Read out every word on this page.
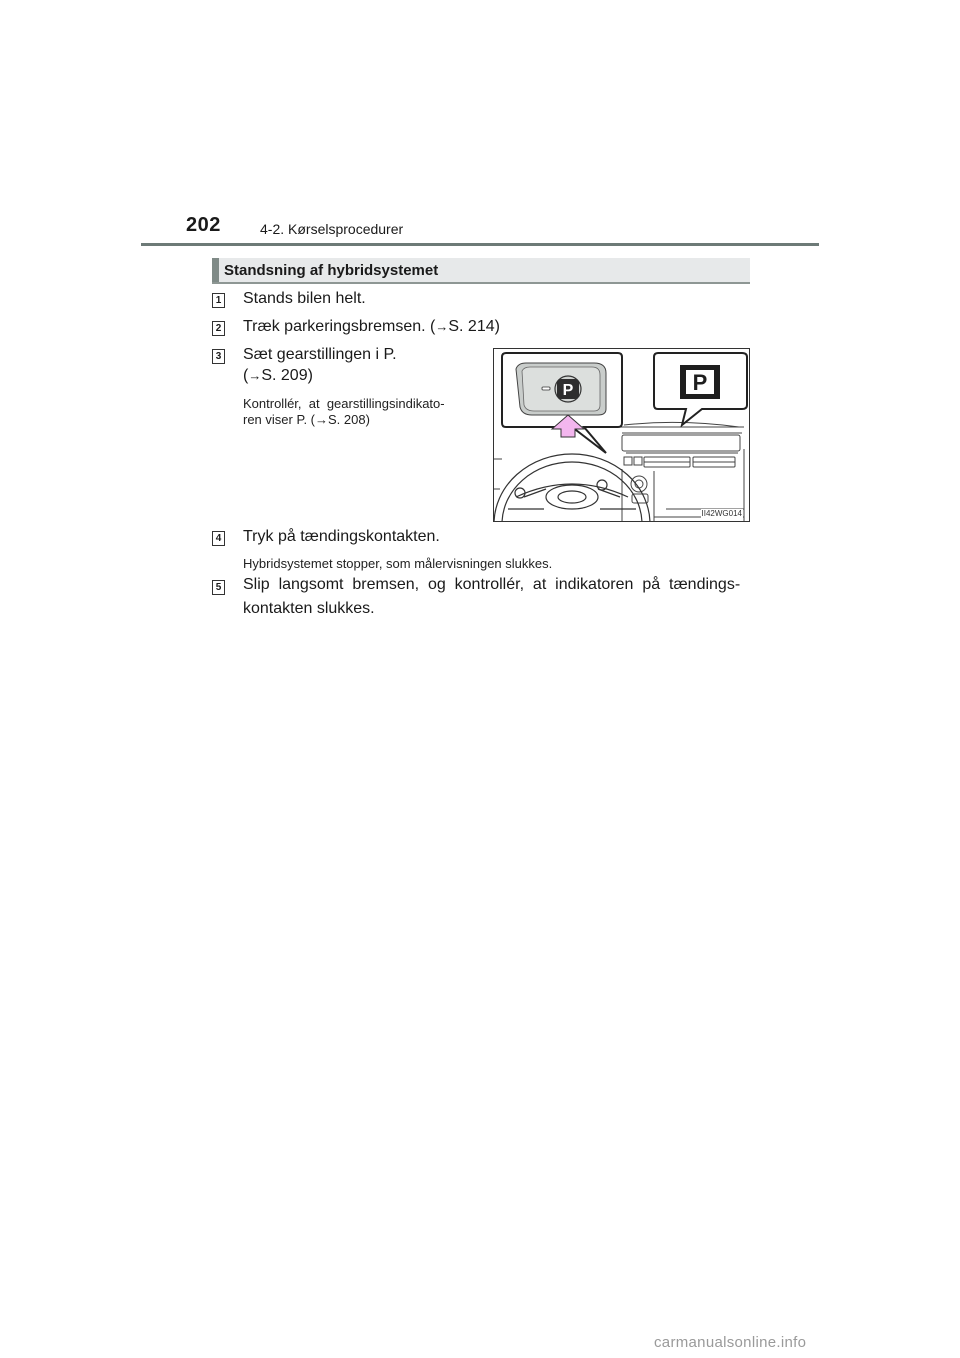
202	4-2. Kørselsprocedurer
Standsning af hybridsystemet
1 Stands bilen helt.
2 Træk parkeringsbremsen. (→S. 214)
3 Sæt gearstillingen i P.
(→S. 209)
Kontrollér,  at  gearstillingsindikato-
ren viser P. (→S. 208)
P	P
II42WG014
4 Tryk på tændingskontakten.
Hybridsystemet stopper, som målervisningen slukkes.
5 Slip  langsomt  bremsen,  og  kontrollér,  at  indikatoren  på  tændings-
kontakten slukkes.
carmanualsonline.info
